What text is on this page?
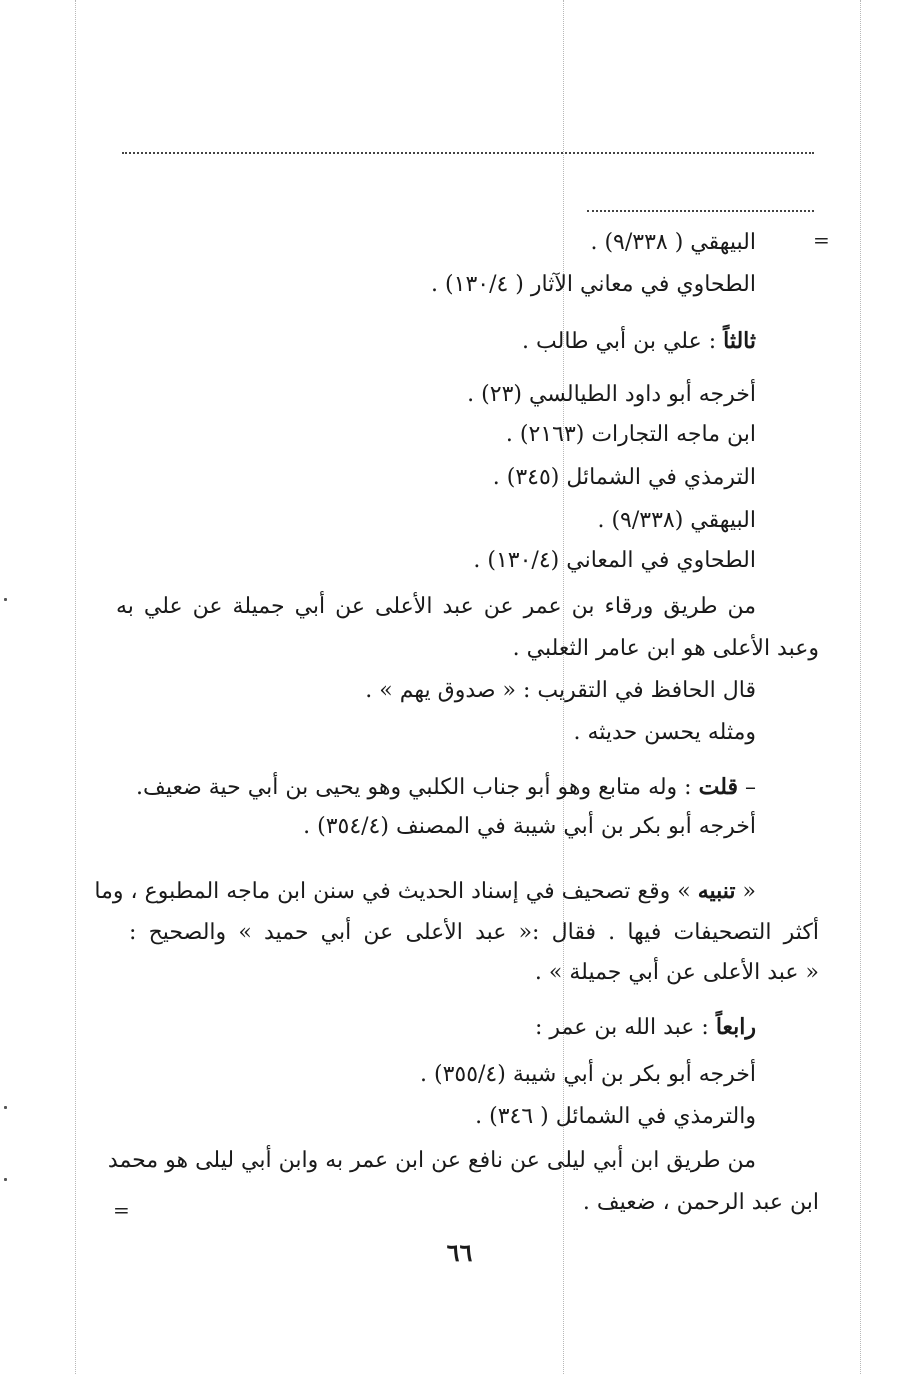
=
=
البيهقي ( ٩/٣٣٨) .
الطحاوي في معاني الآثار ( ١٣٠/٤) .
ثالثاً : علي بن أبي طالب .
أخرجه أبو داود الطيالسي (٢٣) .
ابن ماجه التجارات (٢١٦٣) .
الترمذي في الشمائل (٣٤٥) .
البيهقي (٩/٣٣٨) .
الطحاوي في المعاني (١٣٠/٤) .
من طريق ورقاء بن عمر عن عبد الأعلى عن أبي جميلة عن علي به
وعبد الأعلى هو ابن عامر الثعلبي .
قال الحافظ في التقريب : « صدوق يهم » .
ومثله يحسن حديثه .
– قلت : وله متابع وهو أبو جناب الكلبي وهو يحيى بن أبي حية ضعيف.
أخرجه أبو بكر بن أبي شيبة في المصنف (٣٥٤/٤) .
« تنبيه » وقع تصحيف في إسناد الحديث في سنن ابن ماجه المطبوع ، وما
أكثر التصحيفات فيها . فقال :« عبد الأعلى عن أبي حميد » والصحيح :
« عبد الأعلى عن أبي جميلة » .
رابعاً : عبد الله بن عمر :
أخرجه أبو بكر بن أبي شيبة (٣٥٥/٤) .
والترمذي في الشمائل ( ٣٤٦) .
من طريق ابن أبي ليلى عن نافع عن ابن عمر به وابن أبي ليلى هو محمد
ابن عبد الرحمن ، ضعيف .
٦٦
